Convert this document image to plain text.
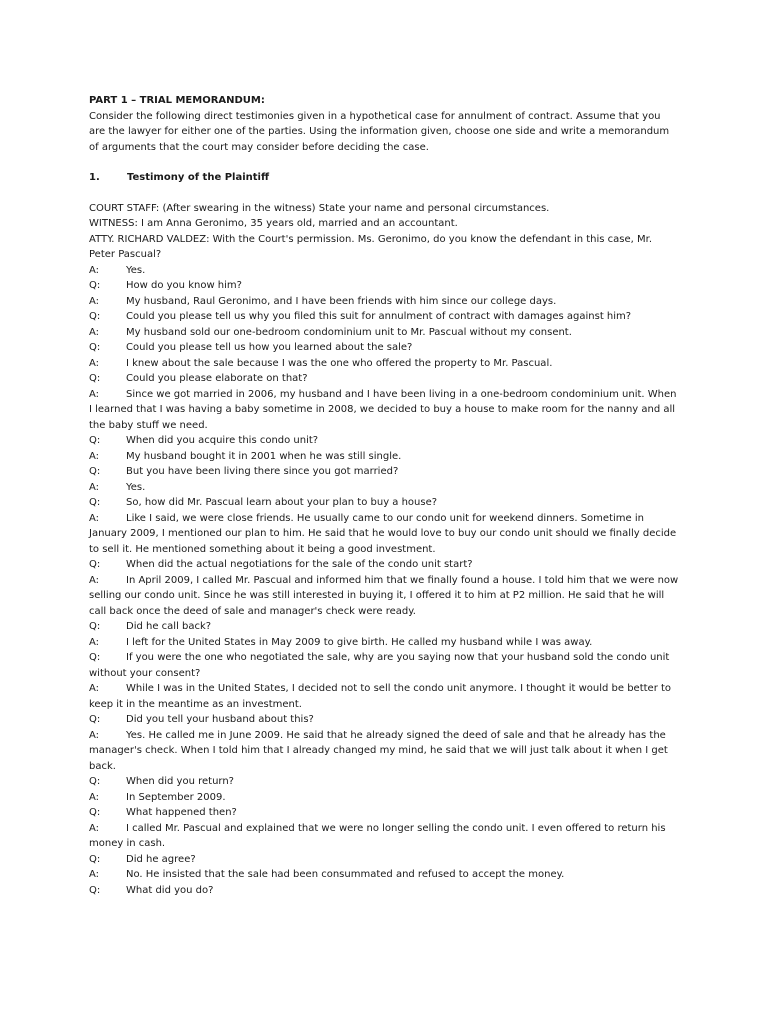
PART 1 – TRIAL MEMORANDUM:

Consider the following direct testimonies given in a hypothetical case for annulment of contract. Assume that you are the lawyer for either one of the parties. Using the information given, choose one side and write a memorandum of arguments that the court may consider before deciding the case.

1.	Testimony of the Plaintiff

COURT STAFF: (After swearing in the witness) State your name and personal circumstances.

WITNESS: I am Anna Geronimo, 35 years old, married and an accountant.

ATTY. RICHARD VALDEZ: With the Court's permission. Ms. Geronimo, do you know the defendant in this case, Mr. Peter Pascual?

A:	Yes.

Q:	How do you know him?

A:	My husband, Raul Geronimo, and I have been friends with him since our college days.

Q:	Could you please tell us why you filed this suit for annulment of contract with damages against him?

A:	My husband sold our one-bedroom condominium unit to Mr. Pascual without my consent.

Q:	Could you please tell us how you learned about the sale?

A:	I knew about the sale because I was the one who offered the property to Mr. Pascual.

Q:	Could you please elaborate on that?

A:	Since we got married in 2006, my husband and I have been living in a one-bedroom condominium unit. When I learned that I was having a baby sometime in 2008, we decided to buy a house to make room for the nanny and all the baby stuff we need.

Q:	When did you acquire this condo unit?

A:	My husband bought it in 2001 when he was still single.

Q:	But you have been living there since you got married?

A:	Yes.

Q:	So, how did Mr. Pascual learn about your plan to buy a house?

A:	Like I said, we were close friends. He usually came to our condo unit for weekend dinners. Sometime in January 2009, I mentioned our plan to him. He said that he would love to buy our condo unit should we finally decide to sell it. He mentioned something about it being a good investment.

Q:	When did the actual negotiations for the sale of the condo unit start?

A:	In April 2009, I called Mr. Pascual and informed him that we finally found a house. I told him that we were now selling our condo unit. Since he was still interested in buying it, I offered it to him at P2 million. He said that he will call back once the deed of sale and manager's check were ready.

Q:	Did he call back?

A:	I left for the United States in May 2009 to give birth. He called my husband while I was away.

Q:	If you were the one who negotiated the sale, why are you saying now that your husband sold the condo unit without your consent?

A:	While I was in the United States, I decided not to sell the condo unit anymore. I thought it would be better to keep it in the meantime as an investment.

Q:	Did you tell your husband about this?

A:	Yes. He called me in June 2009. He said that he already signed the deed of sale and that he already has the manager's check. When I told him that I already changed my mind, he said that we will just talk about it when I get back.

Q:	When did you return?

A:	In September 2009.

Q:	What happened then?

A:	I called Mr. Pascual and explained that we were no longer selling the condo unit. I even offered to return his money in cash.

Q:	Did he agree?

A:	No. He insisted that the sale had been consummated and refused to accept the money.

Q:	What did you do?
